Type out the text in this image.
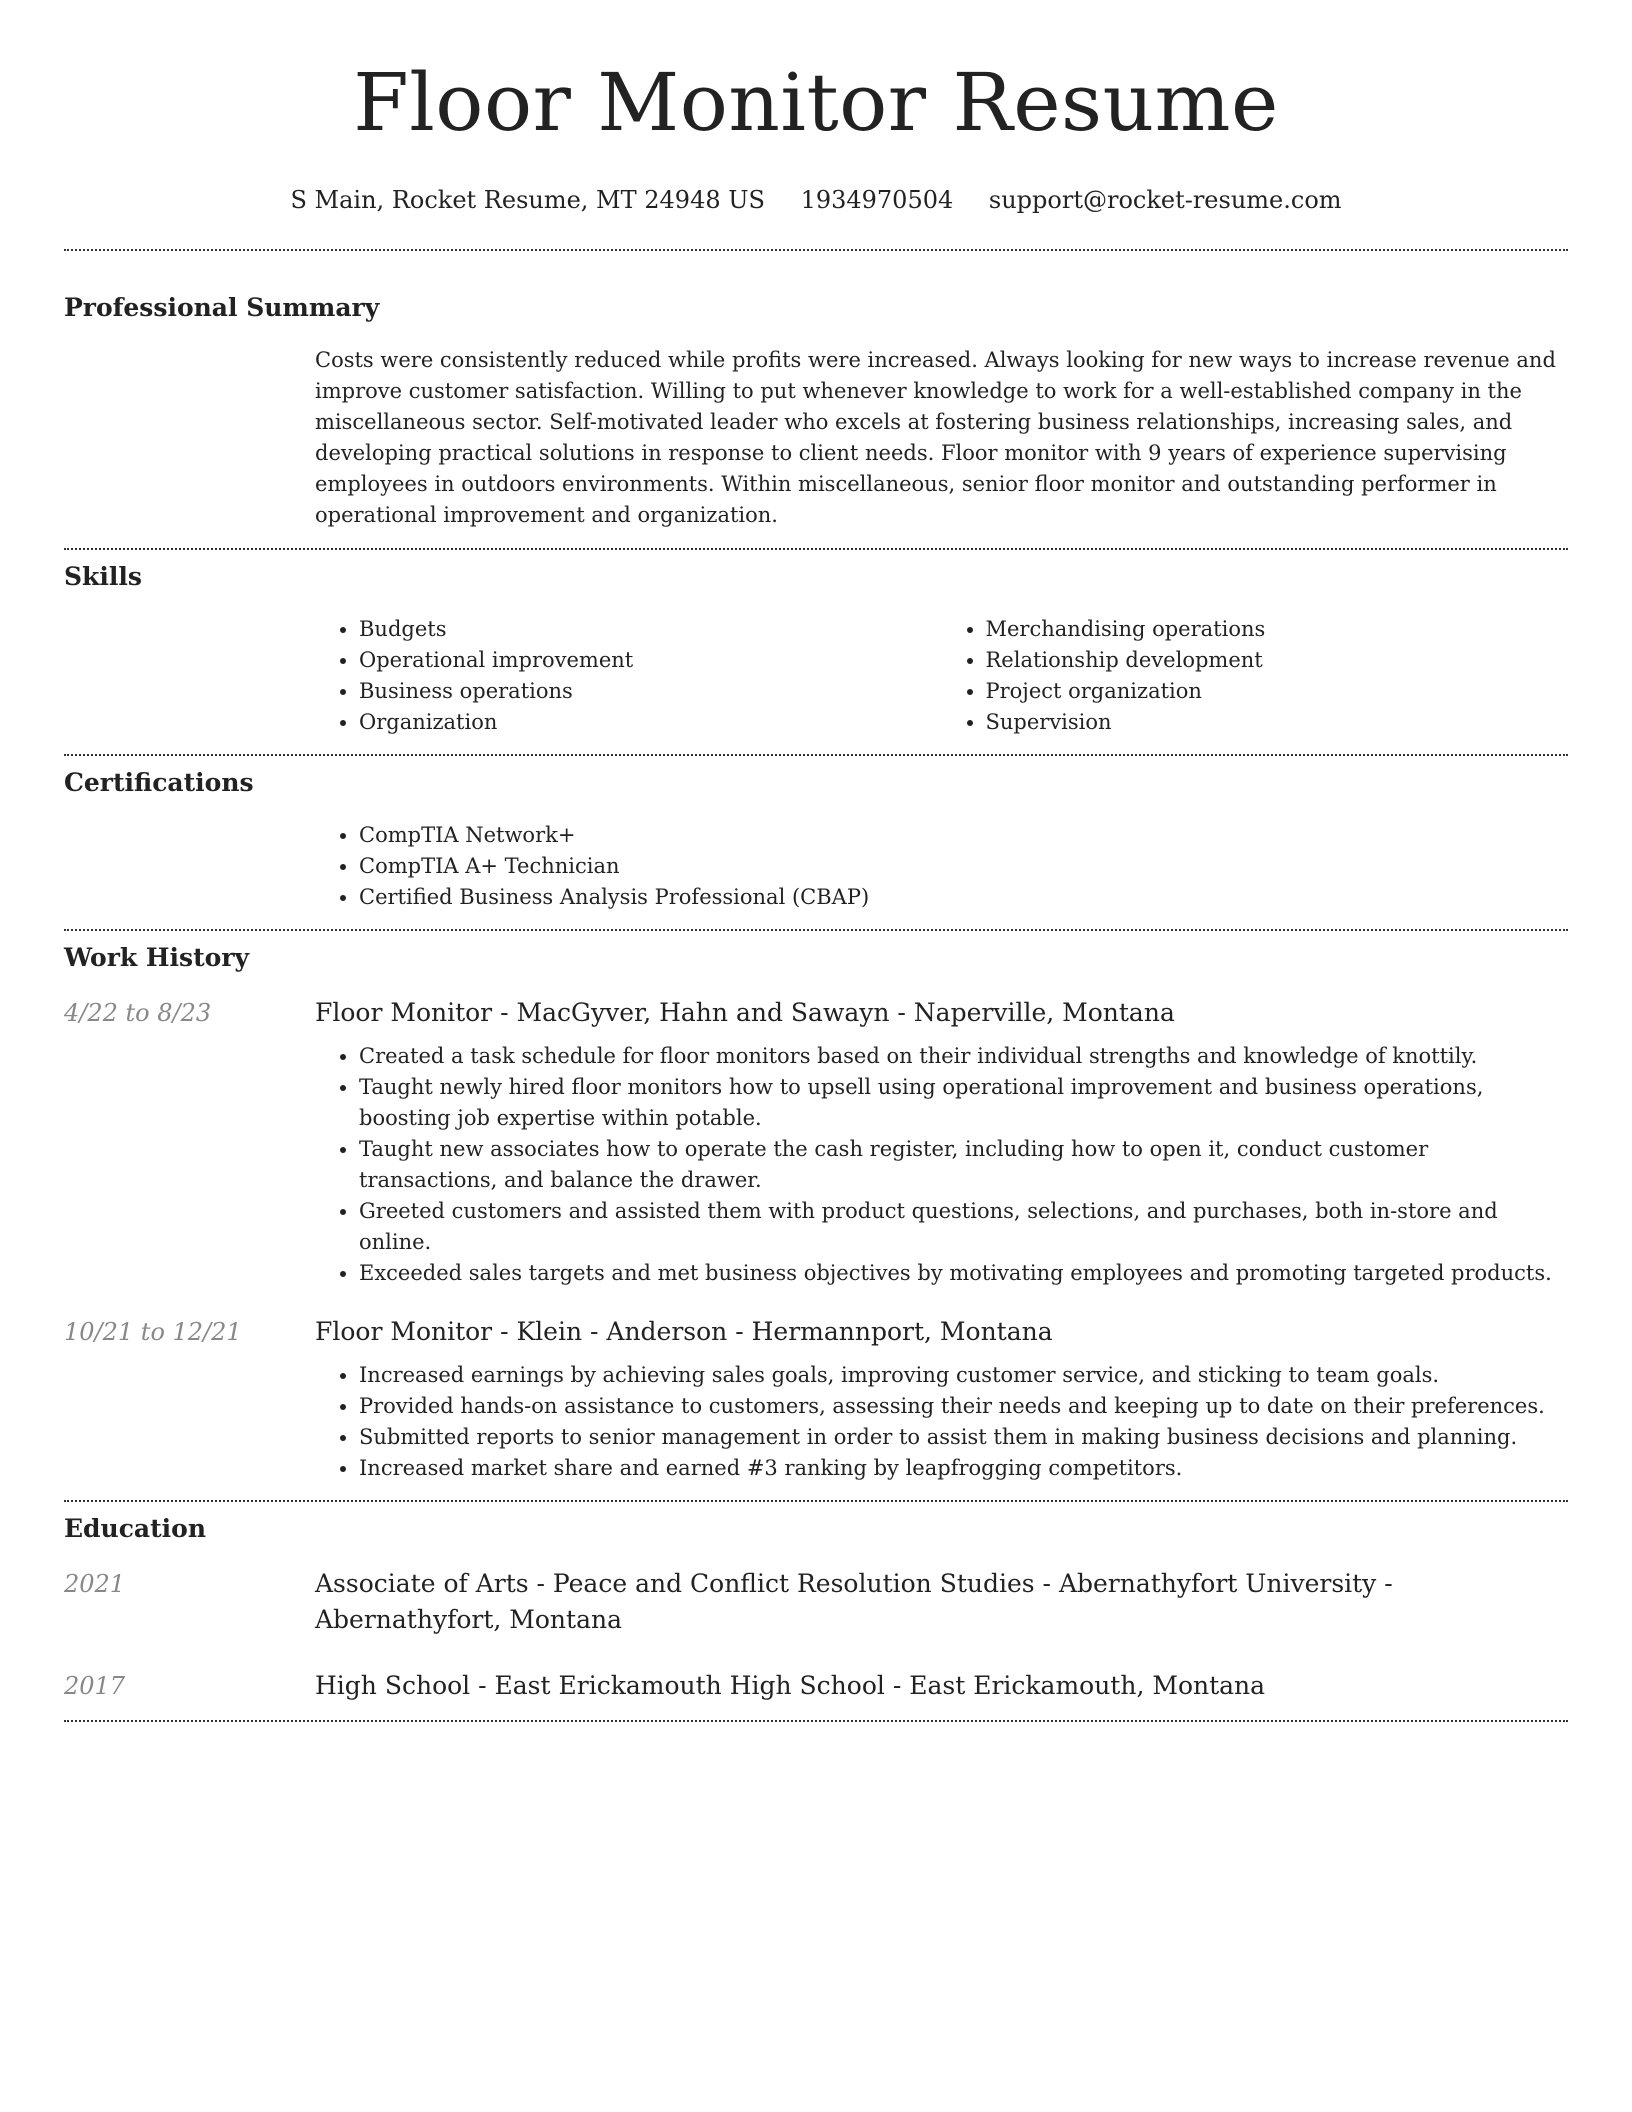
Floor Monitor Resume
S Main, Rocket Resume, MT 24948 US 1934970504 support@rocket-resume.com
Professional Summary
Costs were consistently reduced while profits were increased. Always looking for new ways to increase revenue and improve customer satisfaction. Willing to put whenever knowledge to work for a well-established company in the miscellaneous sector. Self-motivated leader who excels at fostering business relationships, increasing sales, and developing practical solutions in response to client needs. Floor monitor with 9 years of experience supervising employees in outdoors environments. Within miscellaneous, senior floor monitor and outstanding performer in operational improvement and organization.
Skills
• Budgets
• Operational improvement
• Business operations
• Organization
• Merchandising operations
• Relationship development
• Project organization
• Supervision
Certifications
• CompTIA Network+
• CompTIA A+ Technician
• Certified Business Analysis Professional (CBAP)
Work History
4/22 to 8/23	Floor Monitor - MacGyver, Hahn and Sawayn - Naperville, Montana
• Created a task schedule for floor monitors based on their individual strengths and knowledge of knottily.
• Taught newly hired floor monitors how to upsell using operational improvement and business operations, boosting job expertise within potable.
• Taught new associates how to operate the cash register, including how to open it, conduct customer transactions, and balance the drawer.
• Greeted customers and assisted them with product questions, selections, and purchases, both in-store and online.
• Exceeded sales targets and met business objectives by motivating employees and promoting targeted products.
10/21 to 12/21	Floor Monitor - Klein - Anderson - Hermannport, Montana
• Increased earnings by achieving sales goals, improving customer service, and sticking to team goals.
• Provided hands-on assistance to customers, assessing their needs and keeping up to date on their preferences.
• Submitted reports to senior management in order to assist them in making business decisions and planning.
• Increased market share and earned #3 ranking by leapfrogging competitors.
Education
2021	Associate of Arts - Peace and Conflict Resolution Studies - Abernathyfort University - Abernathyfort, Montana
2017	High School - East Erickamouth High School - East Erickamouth, Montana
